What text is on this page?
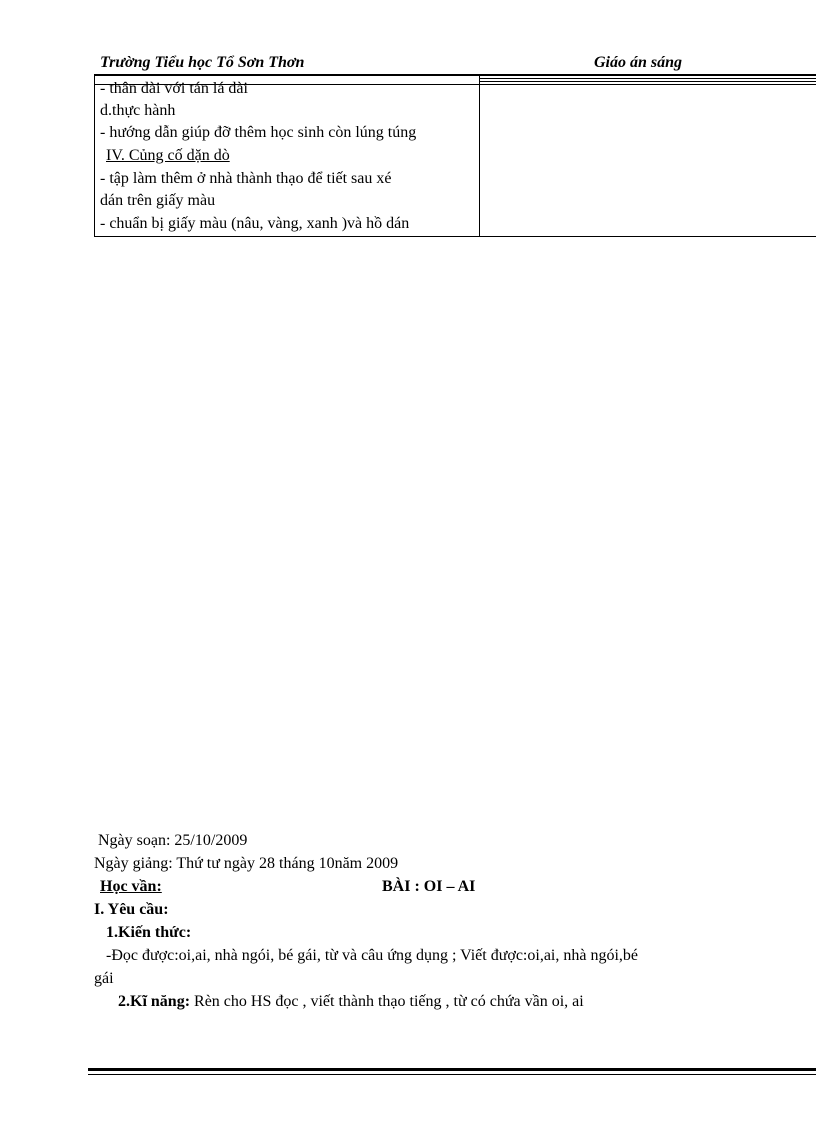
Trường Tiểu học Tổ Sơn Thơn	Giáo án sáng
- thân dài với tán lá dài
d.thực hành
- hướng dẫn giúp đỡ thêm học sinh còn lúng túng
IV. Củng cố dặn dò
- tập làm thêm ở nhà thành thạo để tiết sau xé
dán trên giấy màu
- chuẩn bị giấy màu (nâu, vàng, xanh )và hồ dán
Ngày soạn: 25/10/2009
Ngày giảng: Thứ tư ngày 28 tháng 10năm 2009
Học vần:	BÀI : OI – AI
I. Yêu cầu:
1.Kiến thức:
-Đọc được:oi,ai, nhà ngói, bé gái, từ và câu ứng dụng ; Viết được:oi,ai, nhà ngói,bé
gái
2.Kĩ năng: Rèn cho HS đọc , viết thành thạo tiếng , từ có chứa vần oi, ai
